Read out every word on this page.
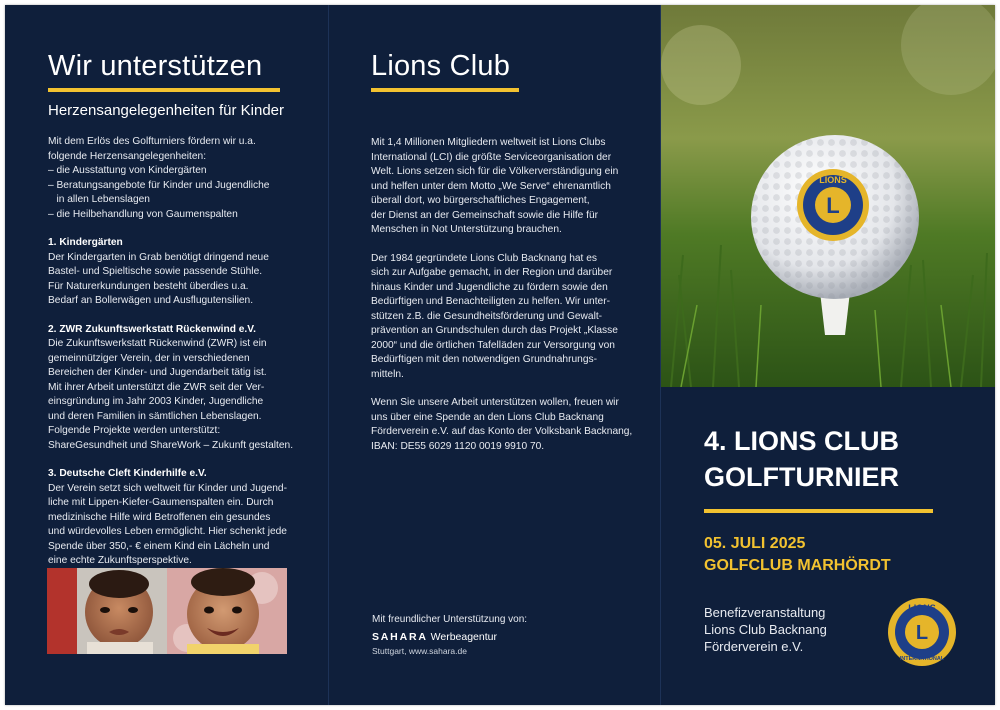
Wir unterstützen
Herzensangelegenheiten für Kinder

Mit dem Erlös des Golfturniers fördern wir u.a.

folgende Herzensangelegenheiten:

– die Ausstattung von Kindergärten

– Beratungsangebote für Kinder und Jugendliche

in allen Lebenslagen

– die Heilbehandlung von Gaumenspalten

1. Kindergärten

Der Kindergarten in Grab benötigt dringend neue

Bastel- und Spieltische sowie passende Stühle.

Für Naturerkundungen besteht überdies u.a.

Bedarf an Bollerwägen und Ausflugutensilien.

2. ZWR Zukunftswerkstatt Rückenwind e.V.

Die Zukunftswerkstatt Rückenwind (ZWR) ist ein

gemeinnütziger Verein, der in verschiedenen

Bereichen der Kinder- und Jugendarbeit tätig ist.

Mit ihrer Arbeit unterstützt die ZWR seit der Ver-

einsgründung im Jahr 2003 Kinder, Jugendliche

und deren Familien in sämtlichen Lebenslagen.

Folgende Projekte werden unterstützt:

ShareGesundheit und ShareWork – Zukunft gestalten.

3. Deutsche Cleft Kinderhilfe e.V.

Der Verein setzt sich weltweit für Kinder und Jugend-

liche mit Lippen-Kiefer-Gaumenspalten ein. Durch

medizinische Hilfe wird Betroffenen ein gesundes

und würdevolles Leben ermöglicht. Hier schenkt jede

Spende über 350,- € einem Kind ein Lächeln und

eine echte Zukunftsperspektive.

Lions Club

Mit 1,4 Millionen Mitgliedern weltweit ist Lions Clubs

International (LCI) die größte Serviceorganisation der

Welt. Lions setzen sich für die Völkerverständigung ein

und helfen unter dem Motto „We Serve“ ehrenamtlich

überall dort, wo bürgerschaftliches Engagement,

der Dienst an der Gemeinschaft sowie die Hilfe für

Menschen in Not Unterstützung brauchen.

Der 1984 gegründete Lions Club Backnang hat es

sich zur Aufgabe gemacht, in der Region und darüber

hinaus Kinder und Jugendliche zu fördern sowie den

Bedürftigen und Benachteiligten zu helfen. Wir unter-

stützen z.B. die Gesundheitsförderung und Gewalt-

prävention an Grundschulen durch das Projekt „Klasse

2000“ und die örtlichen Tafelläden zur Versorgung von

Bedürftigen mit den notwendigen Grundnahrungs-

mitteln.

Wenn Sie unsere Arbeit unterstützen wollen, freuen wir

uns über eine Spende an den Lions Club Backnang

Förderverein e.V. auf das Konto der Volksbank Backnang,

IBAN: DE55 6029 1120 0019 9910 70.

Mit freundlicher Unterstützung von:
SAHARA Werbeagentur
Stuttgart, www.sahara.de
L
LIONS
4. LIONS CLUB
GOLFTURNIER
05. JULI 2025
GOLFCLUB MARHÖRDT
Benefizveranstaltung
Lions Club Backnang
Förderverein e.V.
L
LIONS
INTERNATIONAL
